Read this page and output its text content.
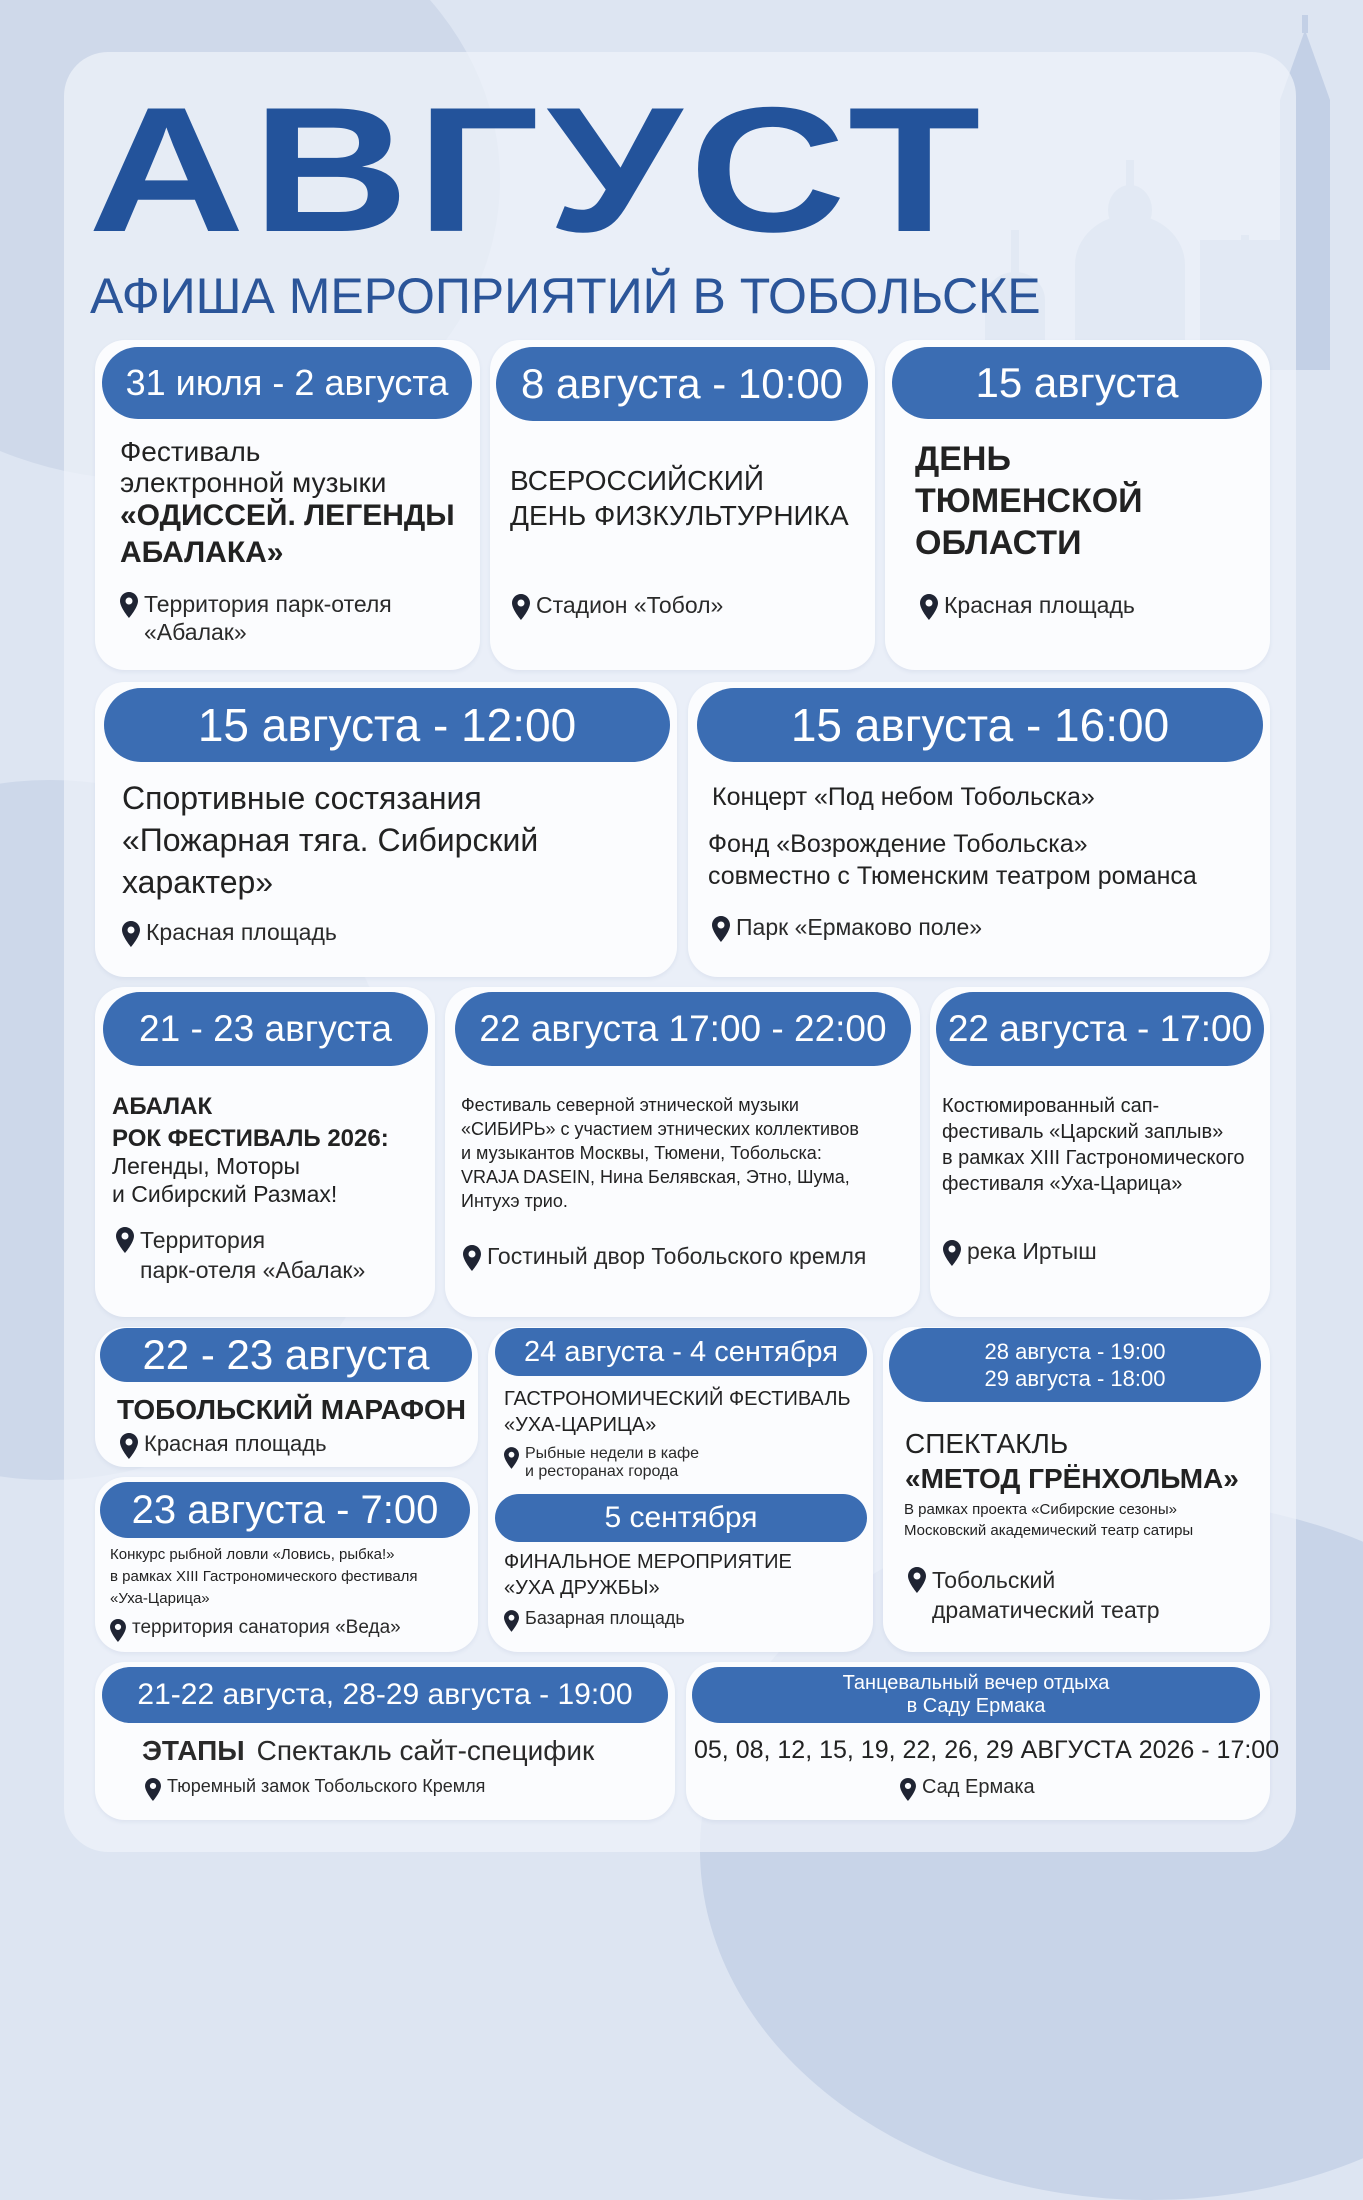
АВГУСТ
АФИША МЕРОПРИЯТИЙ В ТОБОЛЬСКЕ
31 июля - 2 августа
Фестиваль
электронной музыки
«ОДИССЕЙ. ЛЕГЕНДЫ
АБАЛАКА»
Территория парк-отеля
«Абалак»
8 августа - 10:00
ВСЕРОССИЙСКИЙ
ДЕНЬ ФИЗКУЛЬТУРНИКА
Стадион «Тобол»
15 августа
ДЕНЬ
ТЮМЕНСКОЙ
ОБЛАСТИ
Красная площадь
15 августа - 12:00
Спортивные состязания
«Пожарная тяга. Сибирский
характер»
Красная площадь
15 августа - 16:00
Концерт «Под небом Тобольска»
Фонд «Возрождение Тобольска»
совместно с Тюменским театром романса
Парк «Ермаково поле»
21 - 23 августа
АБАЛАК
РОК ФЕСТИВАЛЬ 2026:
Легенды, Моторы
и Сибирский Размах!
Территория
парк-отеля «Абалак»
22 августа 17:00 - 22:00
Фестиваль северной этнической музыки
«СИБИРЬ» с участием этнических коллективов
и музыкантов Москвы, Тюмени, Тобольска:
VRAJA DASEIN, Нина Белявская, Этно, Шума,
Интухэ трио.
Гостиный двор Тобольского кремля
22 августа - 17:00
Костюмированный сап-
фестиваль «Царский заплыв»
в рамках XIII Гастрономического
фестиваля «Уха-Царица»
река Иртыш
22 - 23 августа
ТОБОЛЬСКИЙ МАРАФОН
Красная площадь
23 августа - 7:00
Конкурс рыбной ловли «Ловись, рыбка!»
в рамках XIII Гастрономического фестиваля
«Уха-Царица»
территория санатория «Веда»
24 августа - 4 сентября
ГАСТРОНОМИЧЕСКИЙ ФЕСТИВАЛЬ
«УХА-ЦАРИЦА»
Рыбные недели в кафе
и ресторанах города
5 сентября
ФИНАЛЬНОЕ МЕРОПРИЯТИЕ
«УХА ДРУЖБЫ»
Базарная площадь
28 августа - 19:00
29 августа - 18:00
СПЕКТАКЛЬ
«МЕТОД ГРЁНХОЛЬМА»
В рамках проекта «Сибирские сезоны»
Московский академический театр сатиры
Тобольский
драматический театр
21-22 августа, 28-29 августа - 19:00
ЭТАПЫ Спектакль сайт-специфик
Тюремный замок Тобольского Кремля
Танцевальный вечер отдыха
в Саду Ермака
05, 08, 12, 15, 19, 22, 26, 29 АВГУСТА 2026 - 17:00
Сад Ермака
